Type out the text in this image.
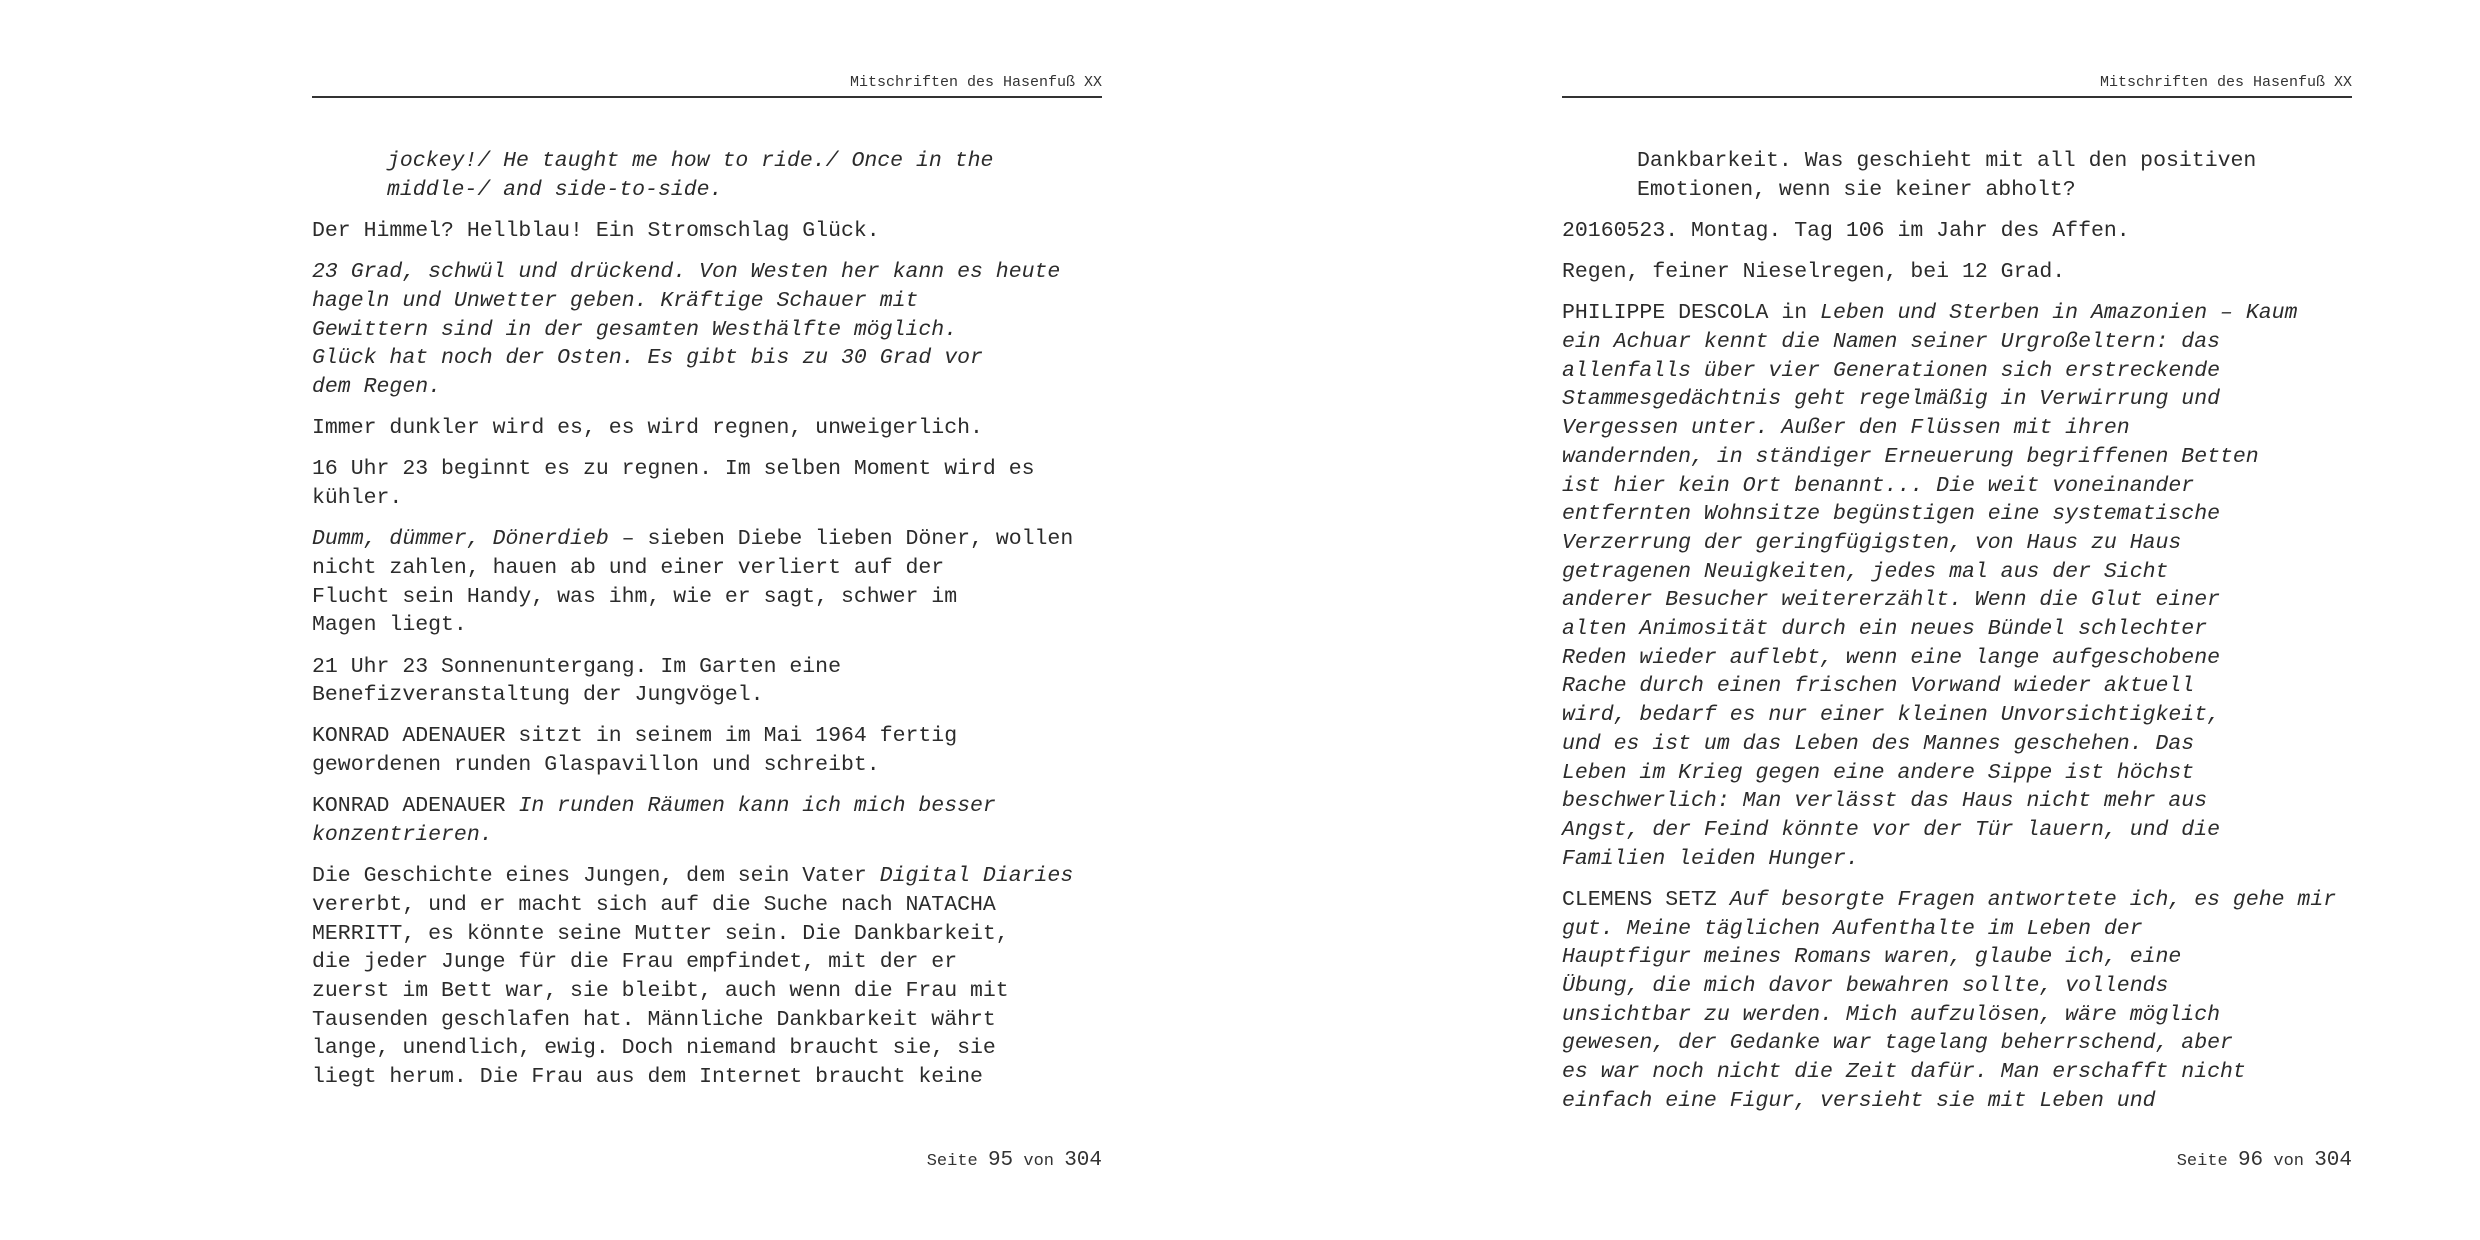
Mitschriften des Hasenfuß XX
jockey!/ He taught me how to ride./ Once in the
middle-/ and side-to-side.
Der Himmel? Hellblau! Ein Stromschlag Glück.
23 Grad, schwül und drückend. Von Westen her kann es heute
hageln und Unwetter geben. Kräftige Schauer mit
Gewittern sind in der gesamten Westhälfte möglich.
Glück hat noch der Osten. Es gibt bis zu 30 Grad vor
dem Regen.
Immer dunkler wird es, es wird regnen, unweigerlich.
16 Uhr 23 beginnt es zu regnen. Im selben Moment wird es
kühler.
Dumm, dümmer, Dönerdieb – sieben Diebe lieben Döner, wollen
nicht zahlen, hauen ab und einer verliert auf der
Flucht sein Handy, was ihm, wie er sagt, schwer im
Magen liegt.
21 Uhr 23 Sonnenuntergang. Im Garten eine
Benefizveranstaltung der Jungvögel.
KONRAD ADENAUER sitzt in seinem im Mai 1964 fertig
gewordenen runden Glaspavillon und schreibt.
KONRAD ADENAUER In runden Räumen kann ich mich besser
konzentrieren.
Die Geschichte eines Jungen, dem sein Vater Digital Diaries
vererbt, und er macht sich auf die Suche nach NATACHA
MERRITT, es könnte seine Mutter sein. Die Dankbarkeit,
die jeder Junge für die Frau empfindet, mit der er
zuerst im Bett war, sie bleibt, auch wenn die Frau mit
Tausenden geschlafen hat. Männliche Dankbarkeit währt
lange, unendlich, ewig. Doch niemand braucht sie, sie
liegt herum. Die Frau aus dem Internet braucht keine
Seite 95 von 304
Mitschriften des Hasenfuß XX
Dankbarkeit. Was geschieht mit all den positiven
Emotionen, wenn sie keiner abholt?
20160523. Montag. Tag 106 im Jahr des Affen.
Regen, feiner Nieselregen, bei 12 Grad.
PHILIPPE DESCOLA in Leben und Sterben in Amazonien – Kaum
ein Achuar kennt die Namen seiner Urgroßeltern: das
allenfalls über vier Generationen sich erstreckende
Stammesgedächtnis geht regelmäßig in Verwirrung und
Vergessen unter. Außer den Flüssen mit ihren
wandernden, in ständiger Erneuerung begriffenen Betten
ist hier kein Ort benannt... Die weit voneinander
entfernten Wohnsitze begünstigen eine systematische
Verzerrung der geringfügigsten, von Haus zu Haus
getragenen Neuigkeiten, jedes mal aus der Sicht
anderer Besucher weitererzählt. Wenn die Glut einer
alten Animosität durch ein neues Bündel schlechter
Reden wieder auflebt, wenn eine lange aufgeschobene
Rache durch einen frischen Vorwand wieder aktuell
wird, bedarf es nur einer kleinen Unvorsichtigkeit,
und es ist um das Leben des Mannes geschehen. Das
Leben im Krieg gegen eine andere Sippe ist höchst
beschwerlich: Man verlässt das Haus nicht mehr aus
Angst, der Feind könnte vor der Tür lauern, und die
Familien leiden Hunger.
CLEMENS SETZ Auf besorgte Fragen antwortete ich, es gehe mir
gut. Meine täglichen Aufenthalte im Leben der
Hauptfigur meines Romans waren, glaube ich, eine
Übung, die mich davor bewahren sollte, vollends
unsichtbar zu werden. Mich aufzulösen, wäre möglich
gewesen, der Gedanke war tagelang beherrschend, aber
es war noch nicht die Zeit dafür. Man erschafft nicht
einfach eine Figur, versieht sie mit Leben und
Seite 96 von 304
